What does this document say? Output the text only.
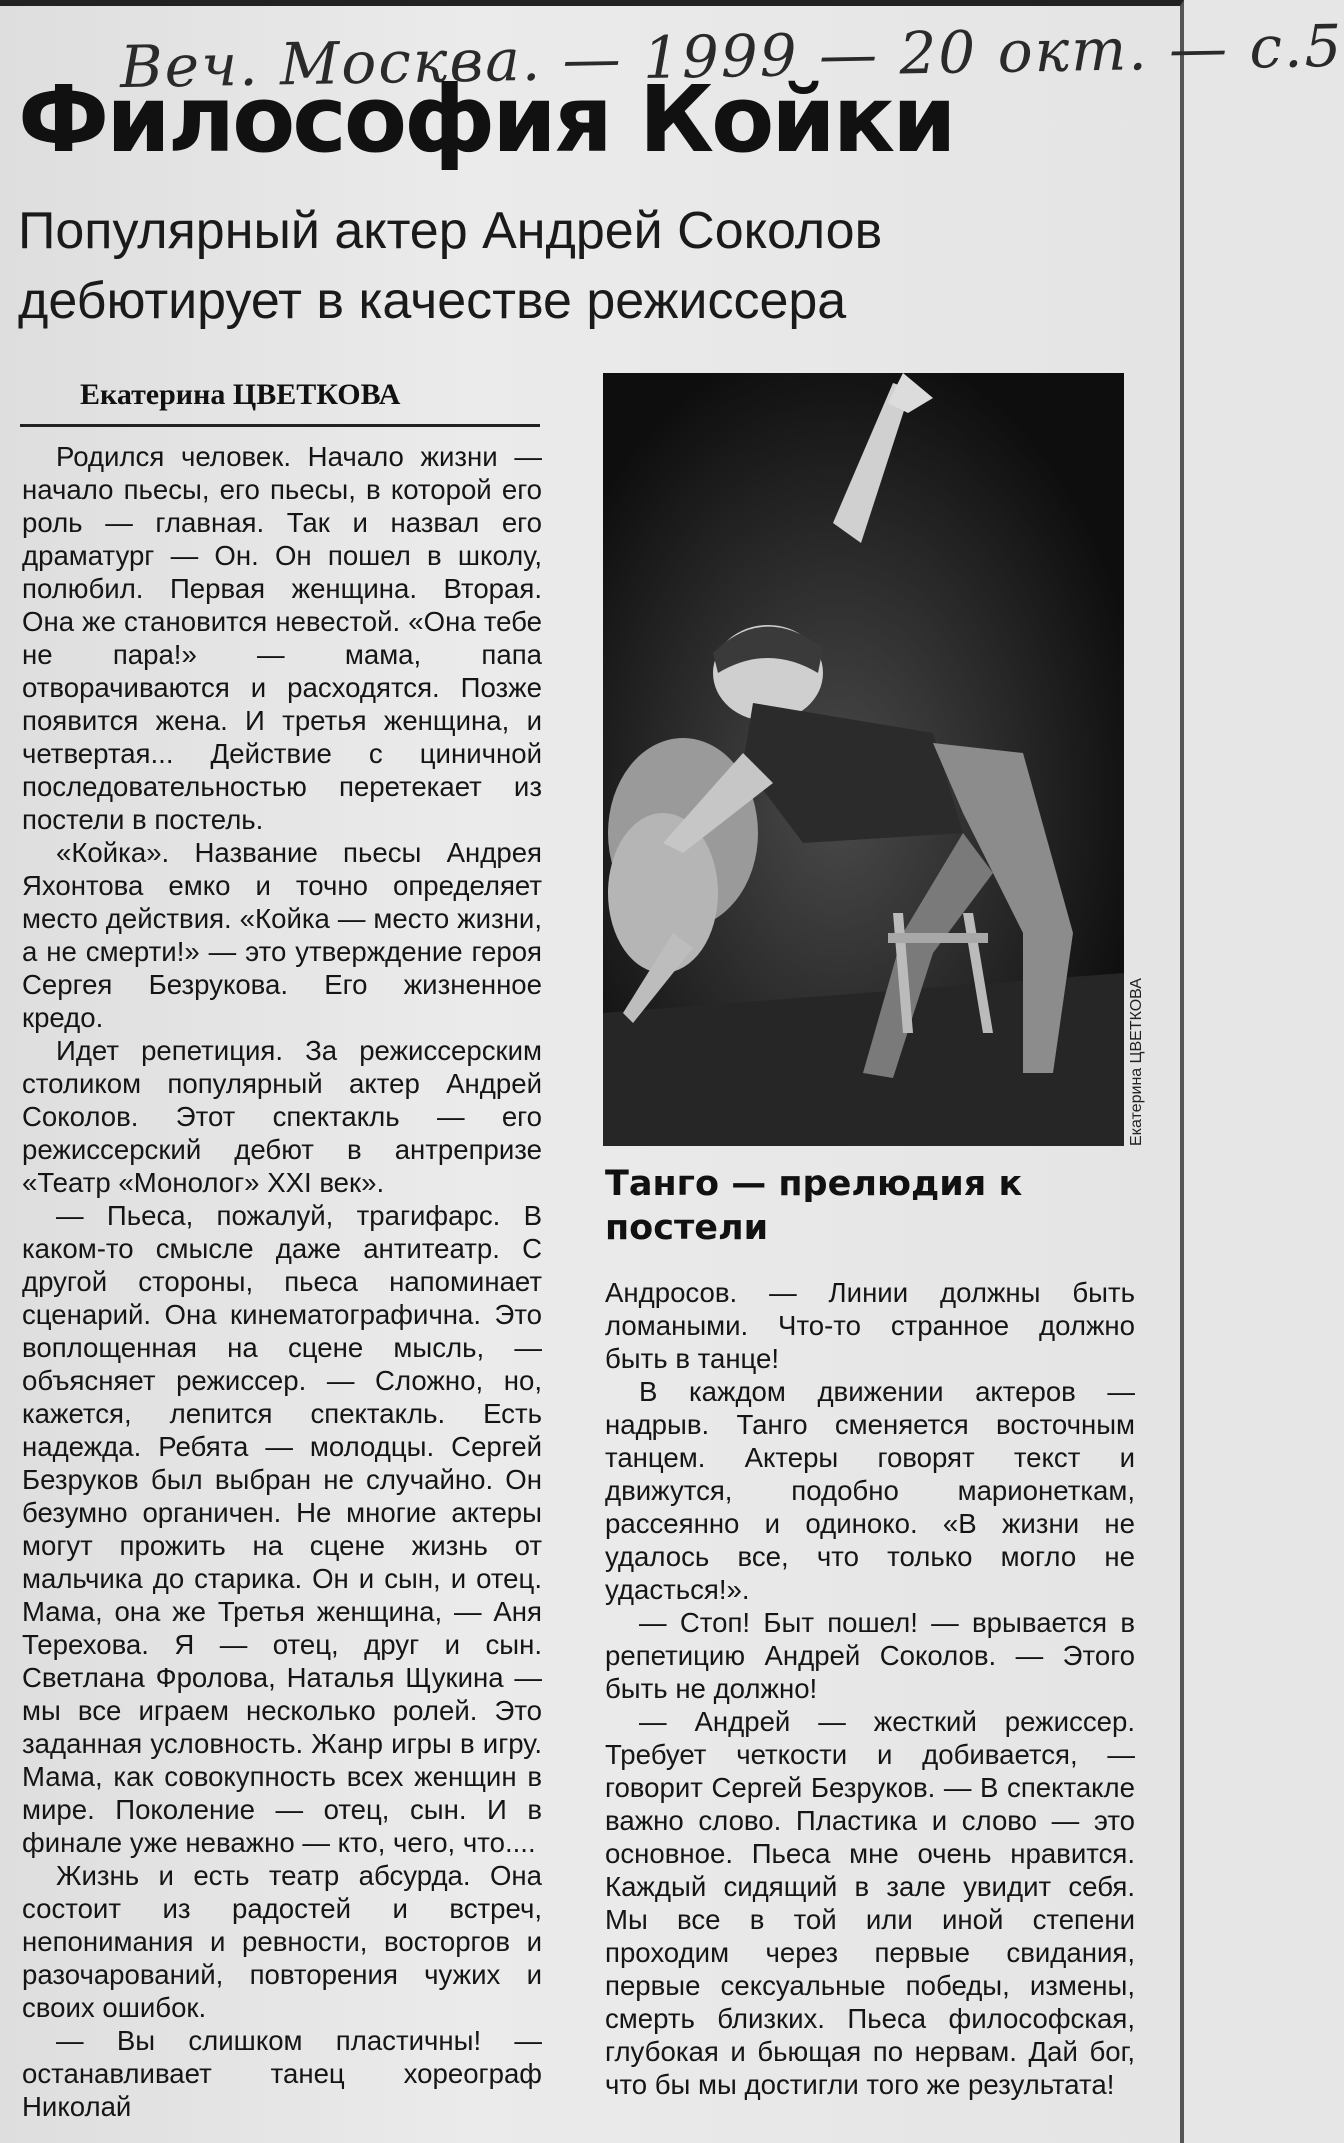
Веч. Москва. — 1999 — 20 окт. — с.5
Философия Койки
Популярный актер Андрей Соколов дебютирует в качестве режиссера
Екатерина ЦВЕТКОВА

Родился человек. Начало жизни — начало пьесы, его пьесы, в которой его роль — главная. Так и назвал его драматург — Он. Он пошел в школу, полюбил. Первая женщина. Вторая. Она же становится невестой. «Она тебе не пара!» — мама, папа отворачиваются и расходятся. Позже появится жена. И третья женщина, и четвертая... Действие с циничной последовательностью перетекает из постели в постель.

«Койка». Название пьесы Андрея Яхонтова емко и точно определяет место действия. «Койка — место жизни, а не смерти!» — это утверждение героя Сергея Безрукова. Его жизненное кредо.

Идет репетиция. За режиссерским столиком популярный актер Андрей Соколов. Этот спектакль — его режиссерский дебют в антрепризе «Театр «Монолог» XXI век».

— Пьеса, пожалуй, трагифарс. В каком-то смысле даже антитеатр. С другой стороны, пьеса напоминает сценарий. Она кинематографична. Это воплощенная на сцене мысль, — объясняет режиссер. — Сложно, но, кажется, лепится спектакль. Есть надежда. Ребята — молодцы. Сергей Безруков был выбран не случайно. Он безумно органичен. Не многие актеры могут прожить на сцене жизнь от мальчика до старика. Он и сын, и отец. Мама, она же Третья женщина, — Аня Терехова. Я — отец, друг и сын. Светлана Фролова, Наталья Щукина — мы все играем несколько ролей. Это заданная условность. Жанр игры в игру. Мама, как совокупность всех женщин в мире. Поколение — отец, сын. И в финале уже неважно — кто, чего, что....

Жизнь и есть театр абсурда. Она состоит из радостей и встреч, непонимания и ревности, восторгов и разочарований, повторения чужих и своих ошибок.

— Вы слишком пластичны! — останавливает танец хореограф Николай

Екатерина ЦВЕТКОВА
Танго — прелюдия к постели

Андросов. — Линии должны быть ломаными. Что-то странное должно быть в танце!

В каждом движении актеров — надрыв. Танго сменяется восточным танцем. Актеры говорят текст и движутся, подобно марионеткам, рассеянно и одиноко. «В жизни не удалось все, что только могло не удасться!».

— Стоп! Быт пошел! — врывается в репетицию Андрей Соколов. — Этого быть не должно!

— Андрей — жесткий режиссер. Требует четкости и добивается, — говорит Сергей Безруков. — В спектакле важно слово. Пластика и слово — это основное. Пьеса мне очень нравится. Каждый сидящий в зале увидит себя. Мы все в той или иной степени проходим через первые свидания, первые сексуальные победы, измены, смерть близких. Пьеса философская, глубокая и бьющая по нервам. Дай бог, что бы мы достигли того же результата!
